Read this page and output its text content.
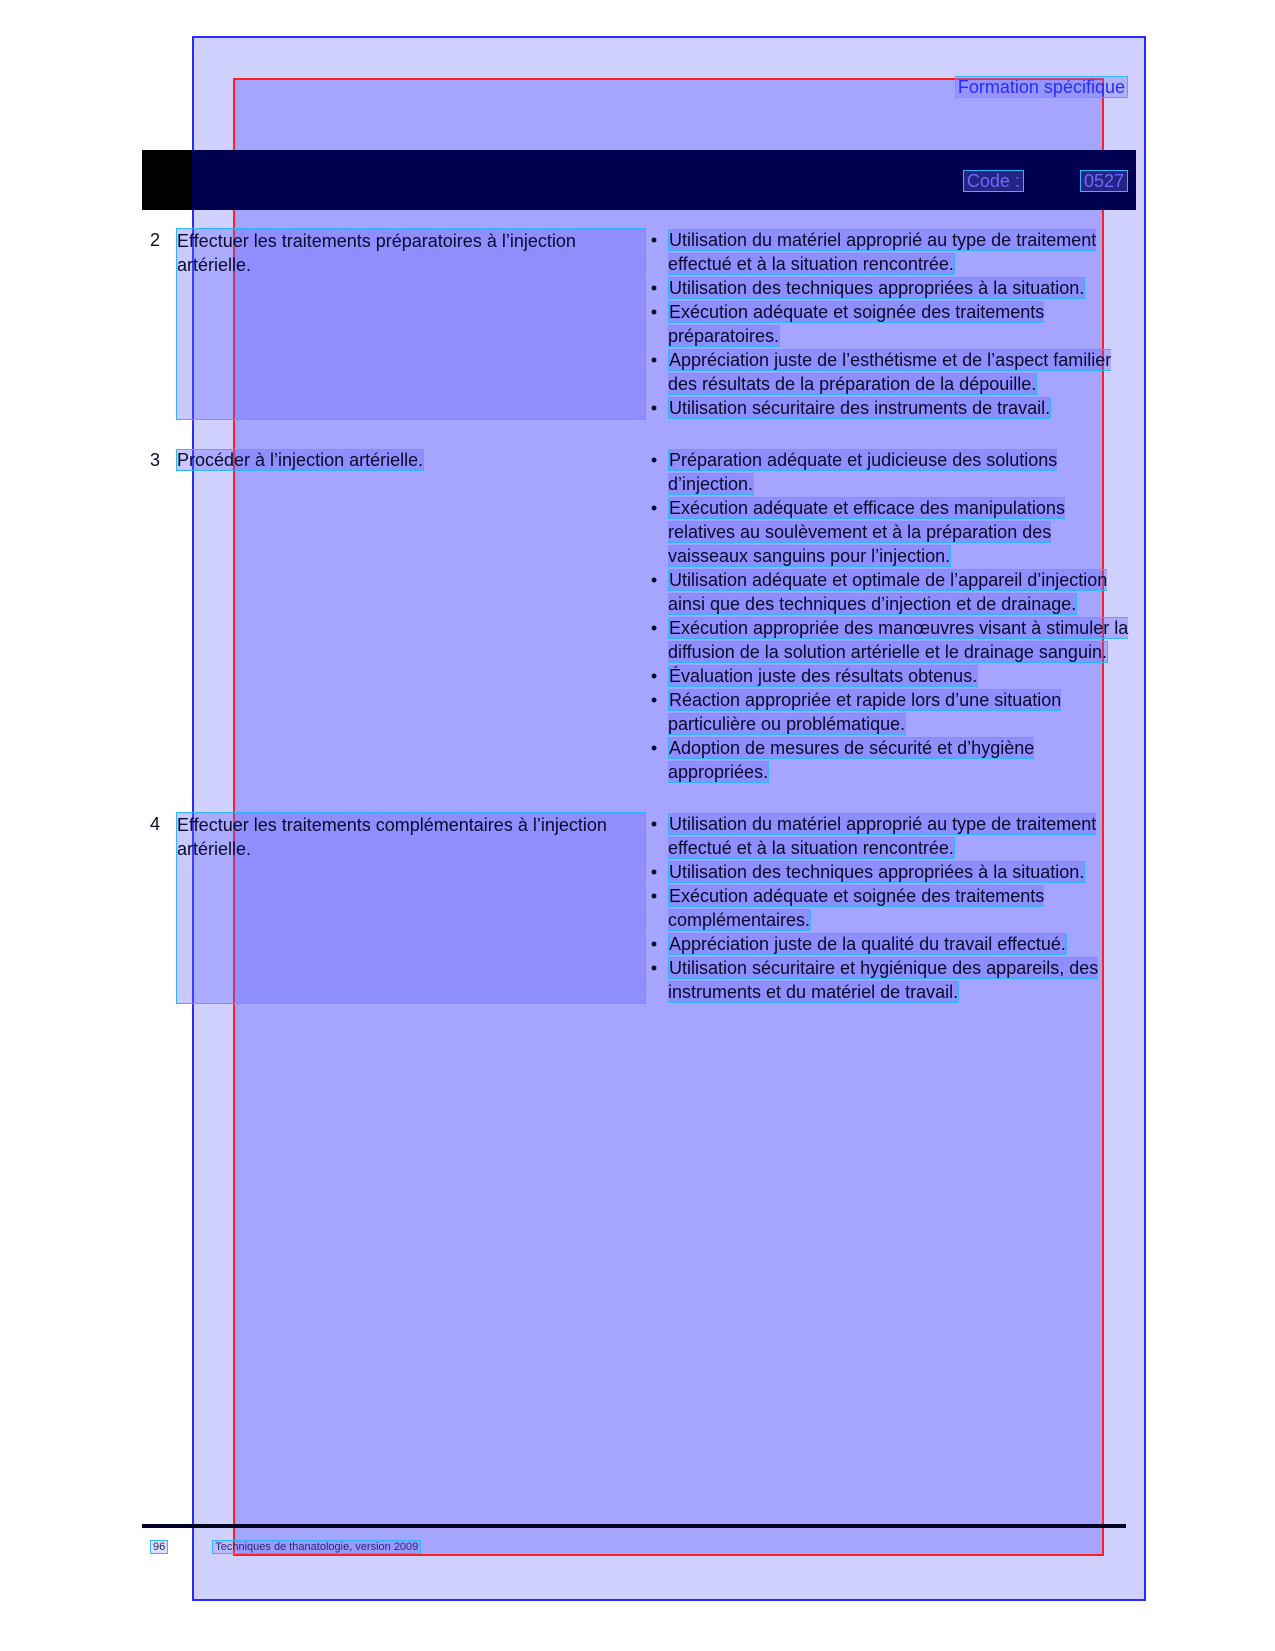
Formation spécifique
Code :	0527
2 Effectuer les traitements préparatoires à l’injection artérielle.
• Utilisation du matériel approprié au type de traitement effectué et à la situation rencontrée.
• Utilisation des techniques appropriées à la situation.
• Exécution adéquate et soignée des traitements préparatoires.
• Appréciation juste de l’esthétisme et de l’aspect familier des résultats de la préparation de la dépouille.
• Utilisation sécuritaire des instruments de travail.
3 Procéder à l’injection artérielle.	• Préparation adéquate et judicieuse des solutions d’injection.
• Exécution adéquate et efficace des manipulations relatives au soulèvement et à la préparation des vaisseaux sanguins pour l’injection.
• Utilisation adéquate et optimale de l’appareil d’injection ainsi que des techniques d’injection et de drainage.
• Exécution appropriée des manœuvres visant à stimuler la diffusion de la solution artérielle et le drainage sanguin.
• Évaluation juste des résultats obtenus.
• Réaction appropriée et rapide lors d’une situation particulière ou problématique.
• Adoption de mesures de sécurité et d’hygiène appropriées.
4 Effectuer les traitements complémentaires à l’injection artérielle.
• Utilisation du matériel approprié au type de traitement effectué et à la situation rencontrée.
• Utilisation des techniques appropriées à la situation.
• Exécution adéquate et soignée des traitements complémentaires.
• Appréciation juste de la qualité du travail effectué.
• Utilisation sécuritaire et hygiénique des appareils, des instruments et du matériel de travail.
96	Techniques de thanatologie, version 2009
